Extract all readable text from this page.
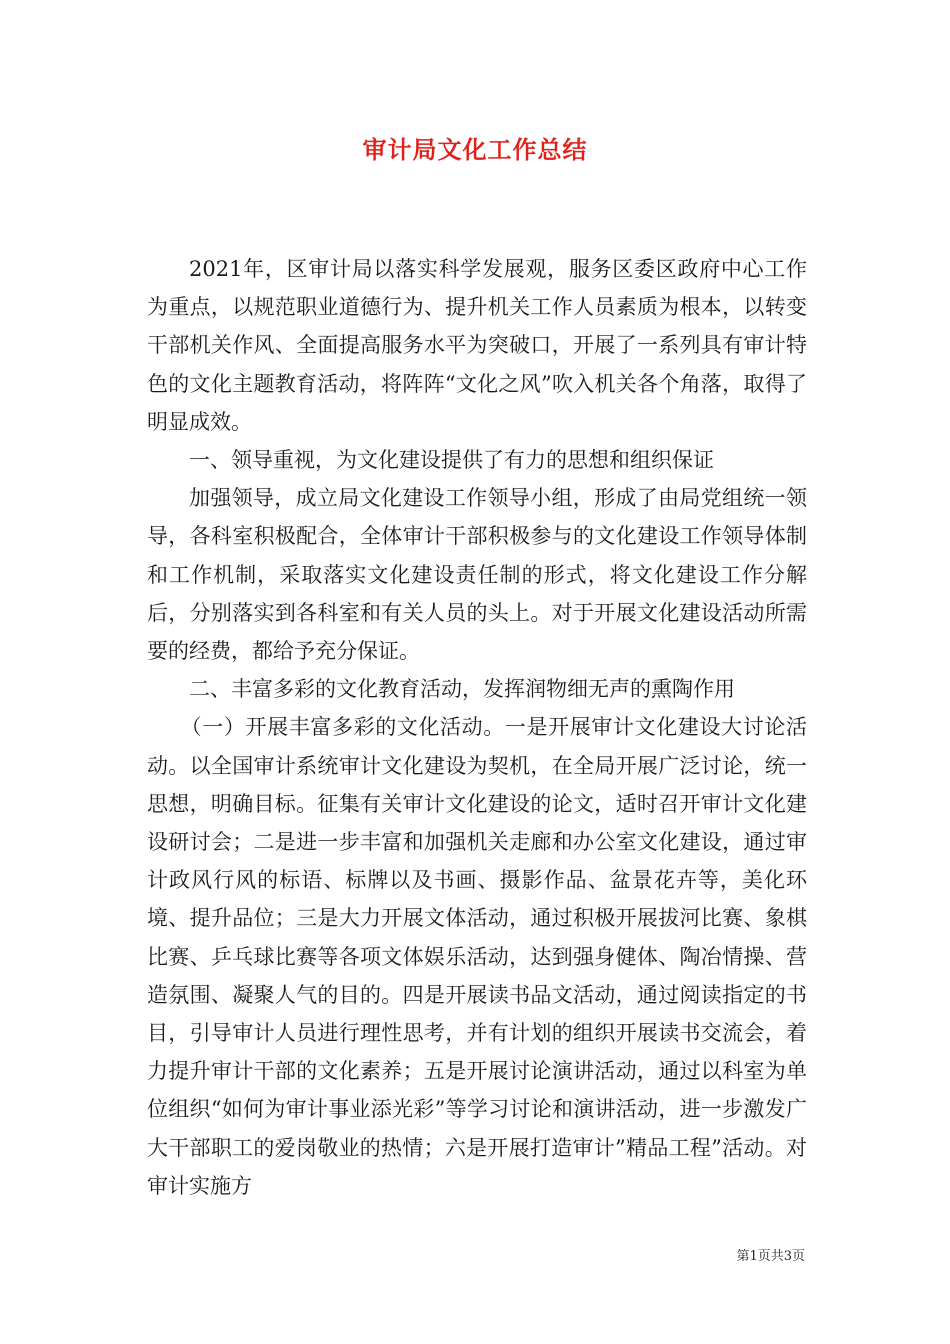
审计局文化工作总结

2021年，区审计局以落实科学发展观，服务区委区政府中心工作为重点，以规范职业道德行为、提升机关工作人员素质为根本，以转变干部机关作风、全面提高服务水平为突破口，开展了一系列具有审计特色的文化主题教育活动，将阵阵“文化之风”吹入机关各个角落，取得了明显成效。

一、领导重视，为文化建设提供了有力的思想和组织保证

加强领导，成立局文化建设工作领导小组，形成了由局党组统一领导，各科室积极配合，全体审计干部积极参与的文化建设工作领导体制和工作机制，采取落实文化建设责任制的形式，将文化建设工作分解后，分别落实到各科室和有关人员的头上。对于开展文化建设活动所需要的经费，都给予充分保证。

二、丰富多彩的文化教育活动，发挥润物细无声的熏陶作用

（一）开展丰富多彩的文化活动。一是开展审计文化建设大讨论活动。以全国审计系统审计文化建设为契机，在全局开展广泛讨论，统一思想，明确目标。征集有关审计文化建设的论文，适时召开审计文化建设研讨会；二是进一步丰富和加强机关走廊和办公室文化建设，通过审计政风行风的标语、标牌以及书画、摄影作品、盆景花卉等，美化环境、提升品位；三是大力开展文体活动，通过积极开展拔河比赛、象棋比赛、乒乓球比赛等各项文体娱乐活动，达到强身健体、陶冶情操、营造氛围、凝聚人气的目的。四是开展读书品文活动，通过阅读指定的书目，引导审计人员进行理性思考，并有计划的组织开展读书交流会，着力提升审计干部的文化素养；五是开展讨论演讲活动，通过以科室为单位组织“如何为审计事业添光彩”等学习讨论和演讲活动，进一步激发广大干部职工的爱岗敬业的热情；六是开展打造审计”精品工程”活动。对审计实施方

第1页共3页
